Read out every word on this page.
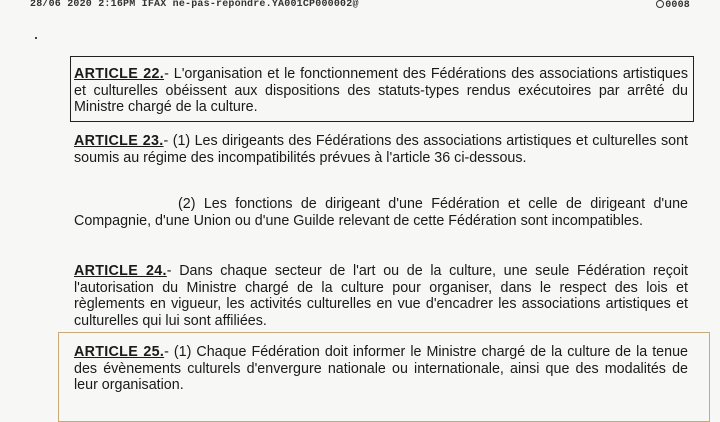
28/06 2020 2:16PM IFAX ne-pas-repondre.YA001CP000002@	0008

ARTICLE 22.- L'organisation et le fonctionnement des Fédérations des associations artistiques et culturelles obéissent aux dispositions des statuts-types rendus exécutoires par arrêté du Ministre chargé de la culture.

ARTICLE 23.- (1) Les dirigeants des Fédérations des associations artistiques et culturelles sont soumis au régime des incompatibilités prévues à l'article 36 ci-dessous.

(2) Les fonctions de dirigeant d'une Fédération et celle de dirigeant d'une Compagnie, d'une Union ou d'une Guilde relevant de cette Fédération sont incompatibles.

ARTICLE 24.- Dans chaque secteur de l'art ou de la culture, une seule Fédération reçoit l'autorisation du Ministre chargé de la culture pour organiser, dans le respect des lois et règlements en vigueur, les activités culturelles en vue d'encadrer les associations artistiques et culturelles qui lui sont affiliées.

ARTICLE 25.- (1) Chaque Fédération doit informer le Ministre chargé de la culture de la tenue des évènements culturels d'envergure nationale ou internationale, ainsi que des modalités de leur organisation.
